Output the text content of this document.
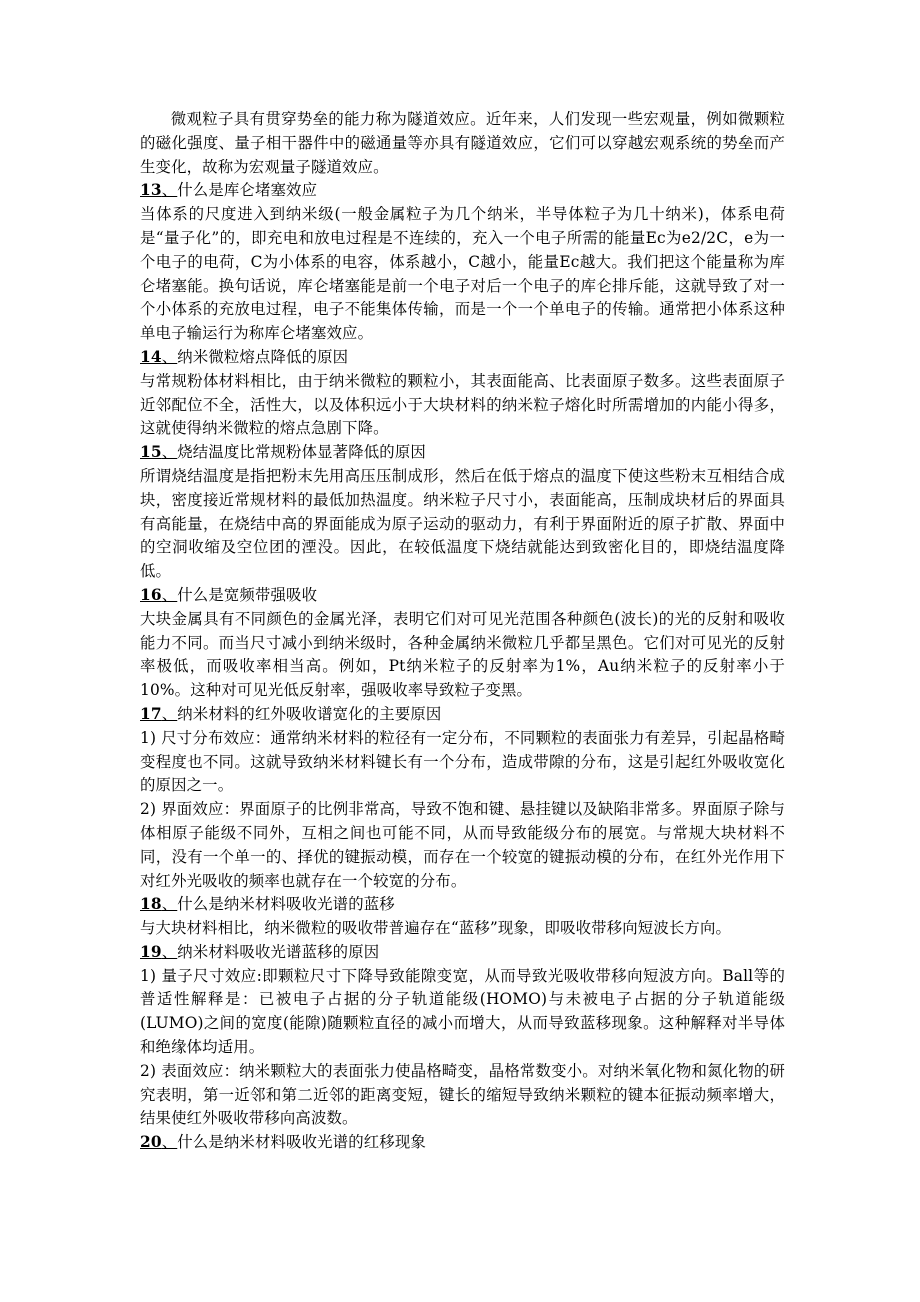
微观粒子具有贯穿势垒的能力称为隧道效应。近年来，人们发现一些宏观量，例如微颗粒的磁化强度、量子相干器件中的磁通量等亦具有隧道效应，它们可以穿越宏观系统的势垒而产生变化，故称为宏观量子隧道效应。

13、什么是库仑堵塞效应

当体系的尺度进入到纳米级(一般金属粒子为几个纳米，半导体粒子为几十纳米)，体系电荷是“量子化”的，即充电和放电过程是不连续的，充入一个电子所需的能量Ec为e2/2C，e为一个电子的电荷，C为小体系的电容，体系越小，C越小，能量Ec越大。我们把这个能量称为库仑堵塞能。换句话说，库仑堵塞能是前一个电子对后一个电子的库仑排斥能，这就导致了对一个小体系的充放电过程，电子不能集体传输，而是一个一个单电子的传输。通常把小体系这种单电子输运行为称库仑堵塞效应。

14、纳米微粒熔点降低的原因

与常规粉体材料相比，由于纳米微粒的颗粒小，其表面能高、比表面原子数多。这些表面原子近邻配位不全，活性大，以及体积远小于大块材料的纳米粒子熔化时所需增加的内能小得多，这就使得纳米微粒的熔点急剧下降。

15、烧结温度比常规粉体显著降低的原因

所谓烧结温度是指把粉末先用高压压制成形，然后在低于熔点的温度下使这些粉末互相结合成块，密度接近常规材料的最低加热温度。纳米粒子尺寸小，表面能高，压制成块材后的界面具有高能量，在烧结中高的界面能成为原子运动的驱动力，有利于界面附近的原子扩散、界面中的空洞收缩及空位团的湮没。因此，在较低温度下烧结就能达到致密化目的，即烧结温度降低。

16、什么是宽频带强吸收

大块金属具有不同颜色的金属光泽，表明它们对可见光范围各种颜色(波长)的光的反射和吸收能力不同。而当尺寸减小到纳米级时，各种金属纳米微粒几乎都呈黑色。它们对可见光的反射率极低，而吸收率相当高。例如，Pt纳米粒子的反射率为1%，Au纳米粒子的反射率小于10%。这种对可见光低反射率，强吸收率导致粒子变黑。

17、纳米材料的红外吸收谱宽化的主要原因

1) 尺寸分布效应：通常纳米材料的粒径有一定分布，不同颗粒的表面张力有差异，引起晶格畸变程度也不同。这就导致纳米材料键长有一个分布，造成带隙的分布，这是引起红外吸收宽化的原因之一。

2) 界面效应：界面原子的比例非常高，导致不饱和键、悬挂键以及缺陷非常多。界面原子除与体相原子能级不同外，互相之间也可能不同，从而导致能级分布的展宽。与常规大块材料不同，没有一个单一的、择优的键振动模，而存在一个较宽的键振动模的分布，在红外光作用下对红外光吸收的频率也就存在一个较宽的分布。

18、什么是纳米材料吸收光谱的蓝移

与大块材料相比，纳米微粒的吸收带普遍存在“蓝移”现象，即吸收带移向短波长方向。

19、纳米材料吸收光谱蓝移的原因

1) 量子尺寸效应:即颗粒尺寸下降导致能隙变宽，从而导致光吸收带移向短波方向。Ball等的普适性解释是：已被电子占据的分子轨道能级(HOMO)与未被电子占据的分子轨道能级(LUMO)之间的宽度(能隙)随颗粒直径的减小而增大，从而导致蓝移现象。这种解释对半导体和绝缘体均适用。

2) 表面效应：纳米颗粒大的表面张力使晶格畸变，晶格常数变小。对纳米氧化物和氮化物的研究表明，第一近邻和第二近邻的距离变短，键长的缩短导致纳米颗粒的键本征振动频率增大，结果使红外吸收带移向高波数。

20、什么是纳米材料吸收光谱的红移现象
